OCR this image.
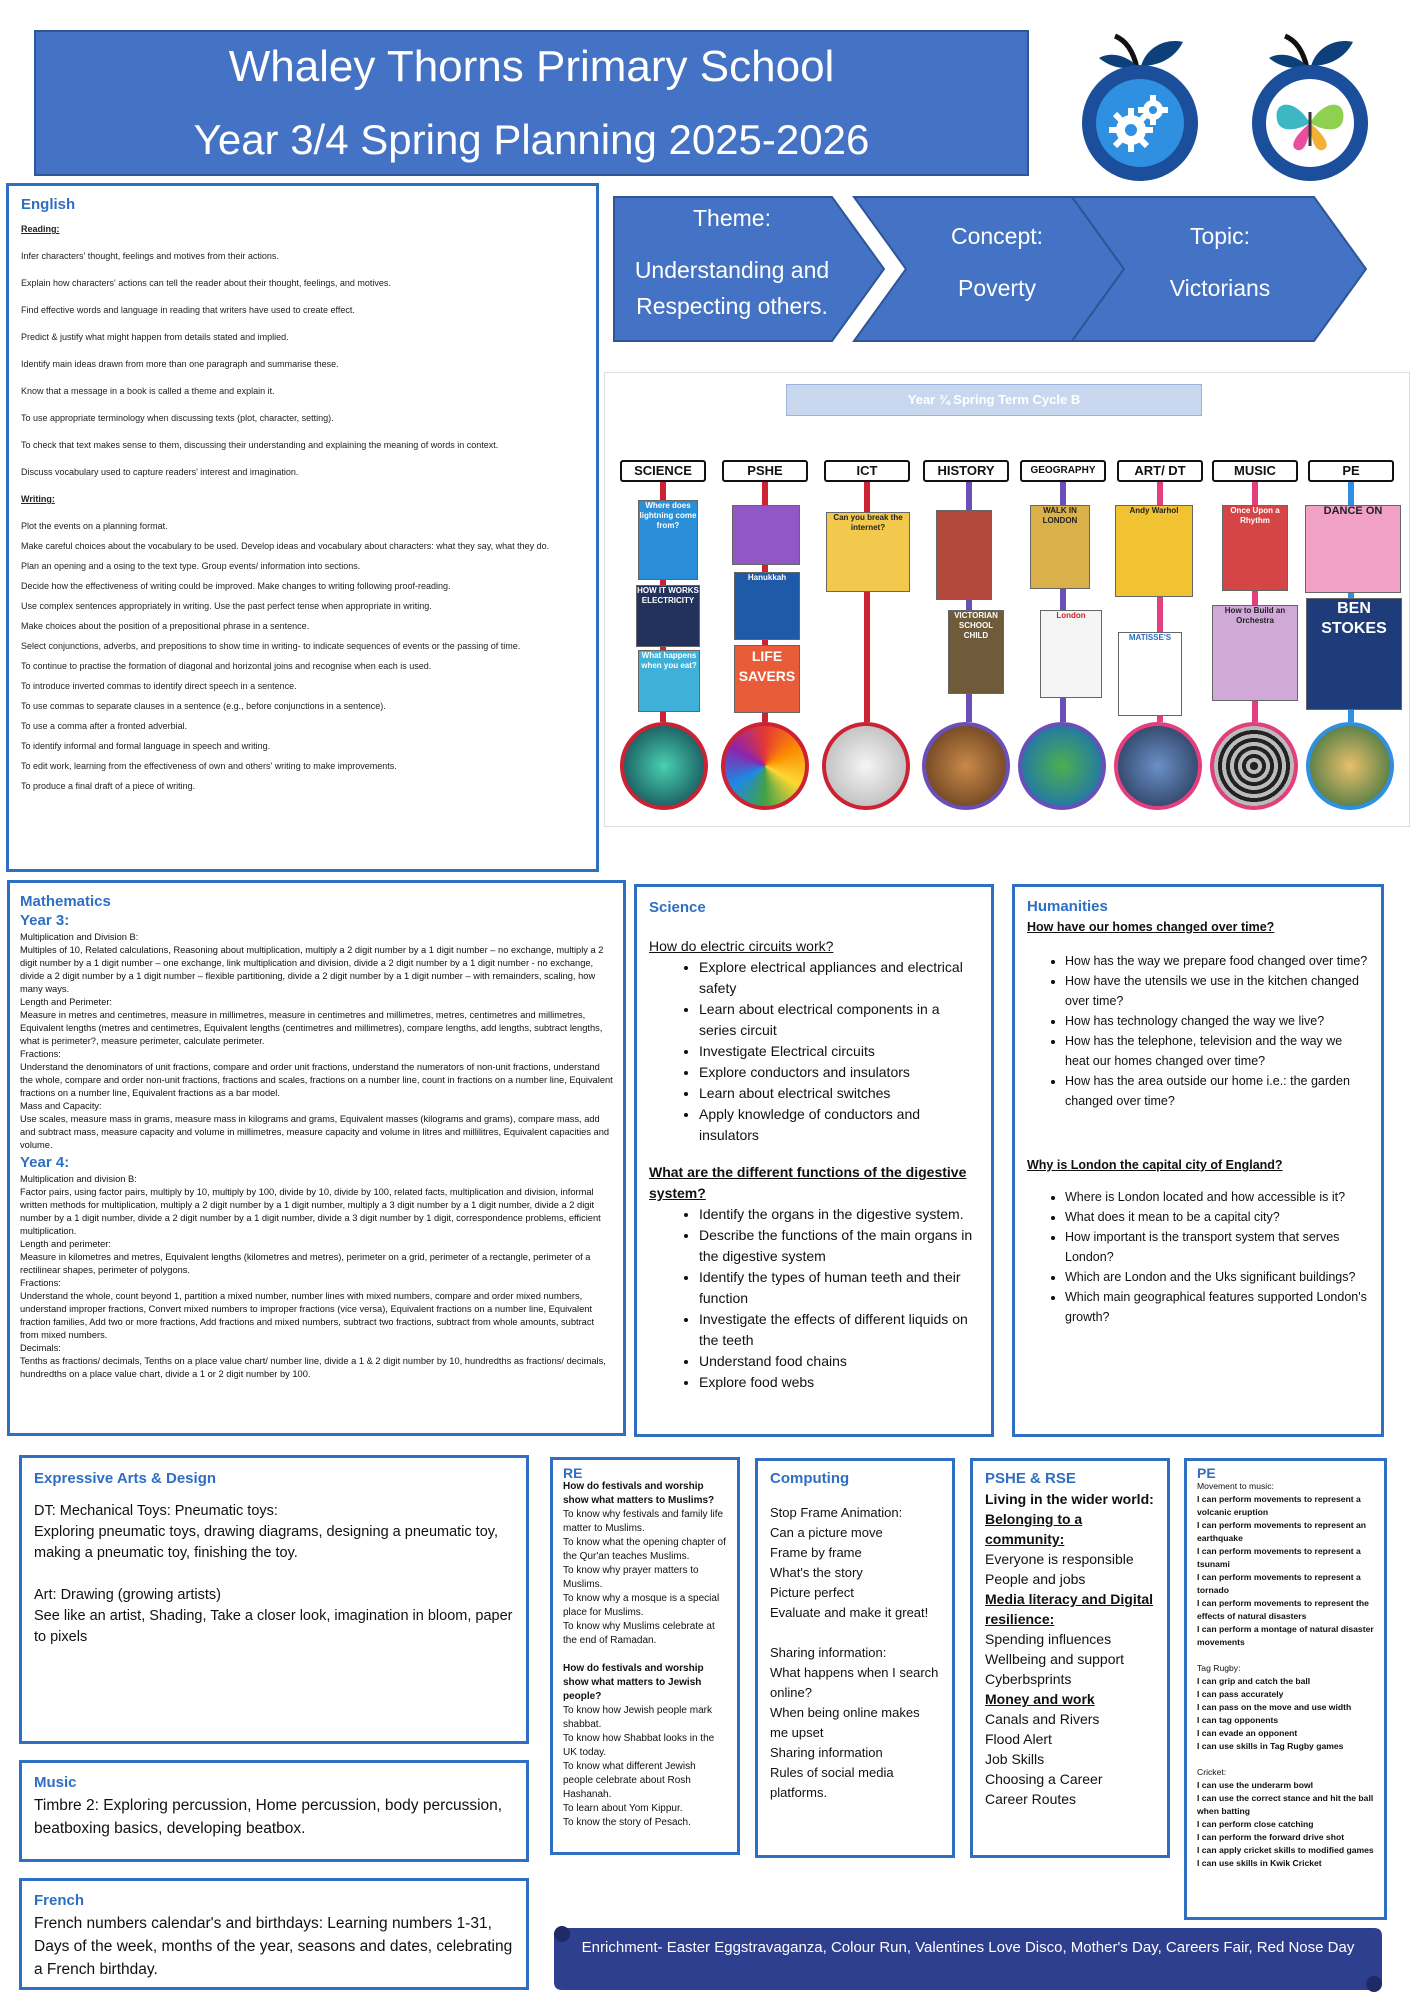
Whaley Thorns Primary School
Year 3/4 Spring Planning 2025-2026
Theme:
Understanding and Respecting others.
Concept:
Poverty
Topic:
Victorians
English

Reading:

Infer characters' thought, feelings and motives from their actions.

Explain how characters' actions can tell the reader about their thought, feelings, and motives.

Find effective words and language in reading that writers have used to create effect.

Predict & justify what might happen from details stated and implied.

Identify main ideas drawn from more than one paragraph and summarise these.

Know that a message in a book is called a theme and explain it.

To use appropriate terminology when discussing texts (plot, character, setting).

To check that text makes sense to them, discussing their understanding and explaining the meaning of words in context.

Discuss vocabulary used to capture readers' interest and imagination.

Writing:

Plot the events on a planning format.

Make careful choices about the vocabulary to be used. Develop ideas and vocabulary about characters: what they say, what they do.

Plan an opening and a osing to the text type. Group events/ information into sections.

Decide how the effectiveness of writing could be improved. Make changes to writing following proof-reading.

Use complex sentences appropriately in writing. Use the past perfect tense when appropriate in writing.

Make choices about the position of a prepositional phrase in a sentence.

Select conjunctions, adverbs, and prepositions to show time in writing- to indicate sequences of events or the passing of time.

To continue to practise the formation of diagonal and horizontal joins and recognise when each is used.

To introduce inverted commas to identify direct speech in a sentence.

To use commas to separate clauses in a sentence (e.g., before conjunctions in a sentence).

To use a comma after a fronted adverbial.

To identify informal and formal language in speech and writing.

To edit work, learning from the effectiveness of own and others' writing to make improvements.

To produce a final draft of a piece of writing.

Year ¾ Spring Term Cycle B
SCIENCE	PSHE	ICT	HISTORY	GEOGRAPHY	ART/ DT	MUSIC	PE
Where does lightning come from?
HOW IT WORKS ELECTRICITY
What happens when you eat?
Hanukkah
LIFE SAVERS
Can you break the internet?
VICTORIAN SCHOOL CHILD
WALK IN LONDON
London
Andy Warhol
MATISSE'S
Once Upon a Rhythm
How to Build an Orchestra
DANCE ON
BEN STOKES
Mathematics
Year 3:
Multiplication and Division B:
Multiples of 10, Related calculations, Reasoning about multiplication, multiply a 2 digit number by a 1 digit number – no exchange, multiply a 2 digit number by a 1 digit number – one exchange, link multiplication and division, divide a 2 digit number by a 1 digit number - no exchange, divide a 2 digit number by a 1 digit number – flexible partitioning, divide a 2 digit number by a 1 digit number – with remainders, scaling, how many ways.
Length and Perimeter:
Measure in metres and centimetres, measure in millimetres, measure in centimetres and millimetres, metres, centimetres and millimetres, Equivalent lengths (metres and centimetres, Equivalent lengths (centimetres and millimetres), compare lengths, add lengths, subtract lengths, what is perimeter?, measure perimeter, calculate perimeter.
Fractions:
Understand the denominators of unit fractions, compare and order unit fractions, understand the numerators of non-unit fractions, understand the whole, compare and order non-unit fractions, fractions and scales, fractions on a number line, count in fractions on a number line, Equivalent fractions on a number line, Equivalent fractions as a bar model.
Mass and Capacity:
Use scales, measure mass in grams, measure mass in kilograms and grams, Equivalent masses (kilograms and grams), compare mass, add and subtract mass, measure capacity and volume in millimetres, measure capacity and volume in litres and millilitres, Equivalent capacities and volume.
Year 4:
Multiplication and division B:
Factor pairs, using factor pairs, multiply by 10, multiply by 100, divide by 10, divide by 100, related facts, multiplication and division, informal written methods for multiplication, multiply a 2 digit number by a 1 digit number, multiply a 3 digit number by a 1 digit number, divide a 2 digit number by a 1 digit number, divide a 2 digit number by a 1 digit number, divide a 3 digit number by 1 digit, correspondence problems, efficient multiplication.
Length and perimeter:
Measure in kilometres and metres, Equivalent lengths (kilometres and metres), perimeter on a grid, perimeter of a rectangle, perimeter of a rectilinear shapes, perimeter of polygons.
Fractions:
Understand the whole, count beyond 1, partition a mixed number, number lines with mixed numbers, compare and order mixed numbers, understand improper fractions, Convert mixed numbers to improper fractions (vice versa), Equivalent fractions on a number line, Equivalent fraction families, Add two or more fractions, Add fractions and mixed numbers, subtract two fractions, subtract from whole amounts, subtract from mixed numbers.
Decimals:
Tenths as fractions/ decimals, Tenths on a place value chart/ number line, divide a 1 & 2 digit number by 10, hundredths as fractions/ decimals, hundredths on a place value chart, divide a 1 or 2 digit number by 100.
Science
How do electric circuits work?
• Explore electrical appliances and electrical safety
• Learn about electrical components in a series circuit
• Investigate Electrical circuits
• Explore conductors and insulators
• Learn about electrical switches
• Apply knowledge of conductors and insulators
What are the different functions of the digestive system?
• Identify the organs in the digestive system.
• Describe the functions of the main organs in the digestive system
• Identify the types of human teeth and their function
• Investigate the effects of different liquids on the teeth
• Understand food chains
• Explore food webs
Humanities
How have our homes changed over time?
• How has the way we prepare food changed over time?
• How have the utensils we use in the kitchen changed over time?
• How has technology changed the way we live?
• How has the telephone, television and the way we heat our homes changed over time?
• How has the area outside our home i.e.: the garden changed over time?
Why is London the capital city of England?
• Where is London located and how accessible is it?
• What does it mean to be a capital city?
• How important is the transport system that serves London?
• Which are London and the Uks significant buildings?
• Which main geographical features supported London's growth?
Expressive Arts & Design
DT: Mechanical Toys: Pneumatic toys:
Exploring pneumatic toys, drawing diagrams, designing a pneumatic toy, making a pneumatic toy, finishing the toy.
Art: Drawing (growing artists)
See like an artist, Shading, Take a closer look, imagination in bloom, paper to pixels
Music
Timbre 2: Exploring percussion, Home percussion, body percussion, beatboxing basics, developing beatbox.
French
French numbers calendar's and birthdays: Learning numbers 1-31, Days of the week, months of the year, seasons and dates, celebrating a French birthday.
RE
How do festivals and worship show what matters to Muslims?
To know why festivals and family life matter to Muslims.
To know what the opening chapter of the Qur'an teaches Muslims.
To know why prayer matters to Muslims.
To know why a mosque is a special place for Muslims.
To know why Muslims celebrate at the end of Ramadan.
How do festivals and worship show what matters to Jewish people?
To know how Jewish people mark shabbat.
To know how Shabbat looks in the UK today.
To know what different Jewish people celebrate about Rosh Hashanah.
To learn about Yom Kippur.
To know the story of Pesach.
Computing
Stop Frame Animation:
Can a picture move
Frame by frame
What's the story
Picture perfect
Evaluate and make it great!
Sharing information:
What happens when I search online?
When being online makes me upset
Sharing information
Rules of social media platforms.
PSHE & RSE
Living in the wider world:
Belonging to a community:
Everyone is responsible
People and jobs
Media literacy and Digital resilience:
Spending influences
Wellbeing and support
Cyberbsprints
Money and work
Canals and Rivers
Flood Alert
Job Skills
Choosing a Career
Career Routes
PE
Movement to music:
I can perform movements to represent a volcanic eruption
I can perform movements to represent an earthquake
I can perform movements to represent a tsunami
I can perform movements to represent a tornado
I can perform movements to represent the effects of natural disasters
I can perform a montage of natural disaster movements
Tag Rugby:
I can grip and catch the ball
I can pass accurately
I can pass on the move and use width
I can tag opponents
I can evade an opponent
I can use skills in Tag Rugby games
Cricket:
I can use the underarm bowl
I can use the correct stance and hit the ball when batting
I can perform close catching
I can perform the forward drive shot
I can apply cricket skills to modified games
I can use skills in Kwik Cricket
Enrichment- Easter Eggstravaganza, Colour Run, Valentines Love Disco, Mother's Day, Careers Fair, Red Nose Day
